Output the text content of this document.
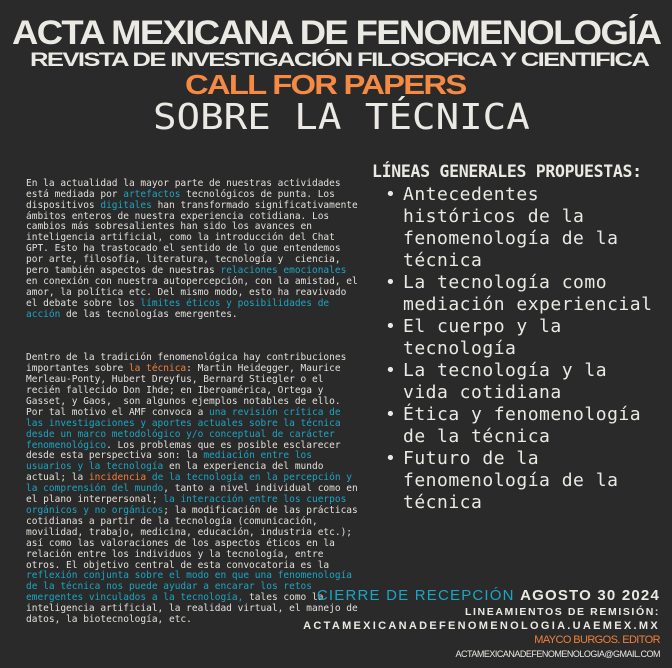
ACTA MEXICANA DE FENOMENOLOGÍA
REVISTA DE INVESTIGACIÓN FILOSOFICA Y CIENTIFICA
CALL FOR PAPERS
SOBRE LA TÉCNICA

En la actualidad la mayor parte de nuestras actividades
está mediada por artefactos tecnológicos de punta. Los
dispositivos digitales han transformado significativamente
ámbitos enteros de nuestra experiencia cotidiana. Los
cambios más sobresalientes han sido los avances en
inteligencia artificial, como la introducción del Chat
GPT. Esto ha trastocado el sentido de lo que entendemos
por arte, filosofía, literatura, tecnología y  ciencia,
pero también aspectos de nuestras relaciones emocionales
en conexión con nuestra autopercepción, con la amistad, el
amor, la política etc. Del mismo modo, esto ha reavivado
el debate sobre los límites éticos y posibilidades de
acción de las tecnologías emergentes.

Dentro de la tradición fenomenológica hay contribuciones
importantes sobre la técnica: Martin Heidegger, Maurice
Merleau-Ponty, Hubert Dreyfus, Bernard Stiegler o el
recién fallecido Don Ihde; en Iberoamérica, Ortega y
Gasset, y Gaos,  son algunos ejemplos notables de ello.
Por tal motivo el AMF convoca a una revisión crítica de
las investigaciones y aportes actuales sobre la técnica
desde un marco metodológico y/o conceptual de carácter
fenomenológico. Los problemas que es posible esclarecer
desde esta perspectiva son: la mediación entre los
usuarios y la tecnología en la experiencia del mundo
actual; la incidencia de la tecnología en la percepción y
la comprensión del mundo, tanto a nivel individual como en
el plano interpersonal; la interacción entre los cuerpos
orgánicos y no orgánicos; la modificación de las prácticas
cotidianas a partir de la tecnología (comunicación,
movilidad, trabajo, medicina, educación, industria etc.);
así como las valoraciones de los aspectos éticos en la
relación entre los individuos y la tecnología, entre
otros. El objetivo central de esta convocatoria es la
reflexión conjunta sobre el modo en que una fenomenología
de la técnica nos puede ayudar a encarar los retos
emergentes vinculados a la tecnología, tales como la
inteligencia artificial, la realidad virtual, el manejo de
datos, la biotecnología, etc.

LÍNEAS GENERALES PROPUESTAS:
• Antecedentes
históricos de la
fenomenología de la
técnica
• La tecnología como
mediación experiencial
• El cuerpo y la
tecnología
• La tecnología y la
vida cotidiana
• Ética y fenomenología
de la técnica
• Futuro de la
fenomenología de la
técnica
CIERRE DE RECEPCIÓN AGOSTO 30 2024
LINEAMIENTOS DE REMISIÓN:
ACTAMEXICANADEFENOMENOLOGIA.UAEMEX.MX
MAYCO BURGOS. EDITOR
ACTAMEXICANADEFENOMENOLOGIA@GMAIL.COM
